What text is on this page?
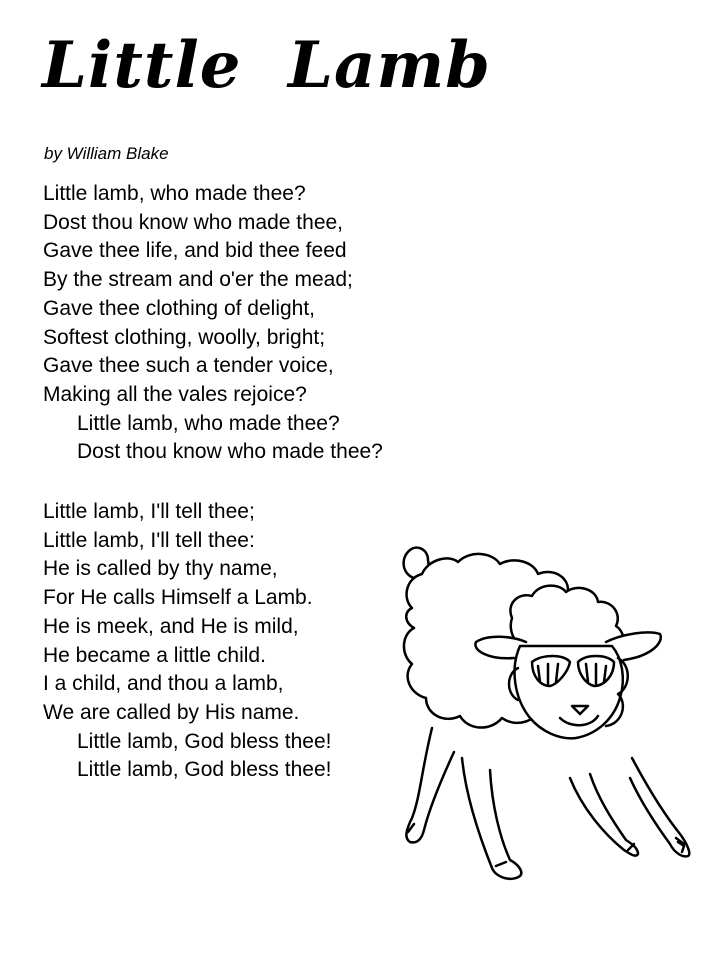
Little  Lamb
by William Blake
Little lamb, who made thee?
Dost thou know who made thee,
Gave thee life, and bid thee feed
By the stream and o'er the mead;
Gave thee clothing of delight,
Softest clothing, woolly, bright;
Gave thee such a tender voice,
Making all the vales rejoice?
Little lamb, who made thee?
Dost thou know who made thee?
Little lamb, I'll tell thee;
Little lamb, I'll tell thee:
He is called by thy name,
For He calls Himself a Lamb.
He is meek, and He is mild,
He became a little child.
I a child, and thou a lamb,
We are called by His name.
Little lamb, God bless thee!
Little lamb, God bless thee!
